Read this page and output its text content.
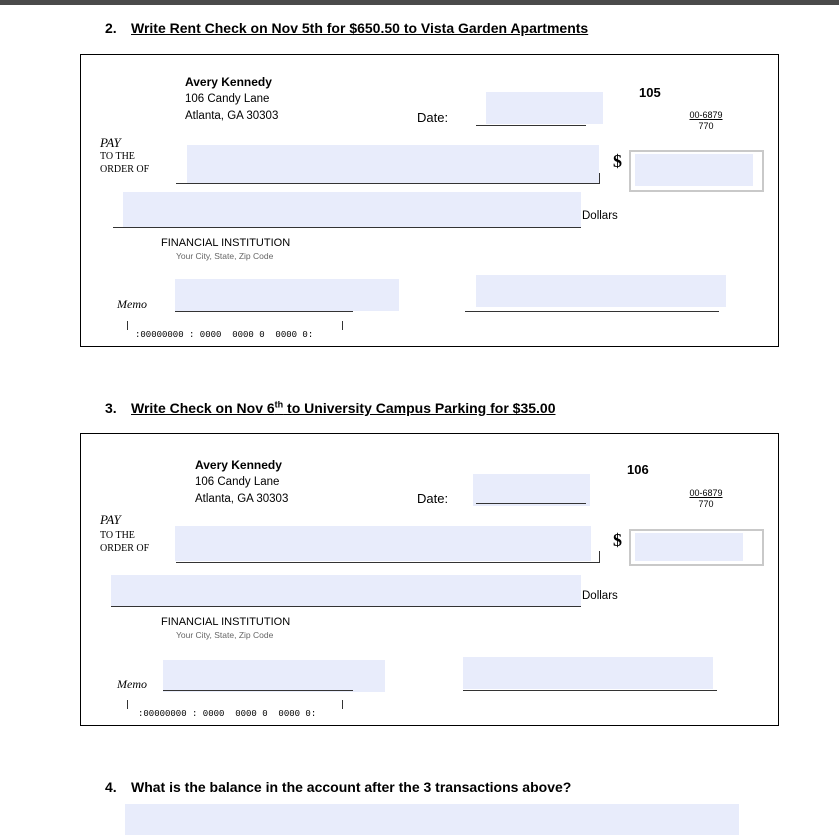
2. Write Rent Check on Nov 5th for $650.50 to Vista Garden Apartments
Avery Kennedy
106 Candy Lane
Atlanta, GA 30303	Date:
105
00-6879
770
PAY
TO THE
ORDER OF	$
Dollars
FINANCIAL INSTITUTION
Your City, State, Zip Code
Memo
:00000000 : 0000  0000 0  0000 0:
3. Write Check on Nov 6th to University Campus Parking for $35.00
Avery Kennedy
106 Candy Lane
Atlanta, GA 30303	Date:
106
00-6879
770
PAY
TO THE
ORDER OF	$
Dollars
FINANCIAL INSTITUTION
Your City, State, Zip Code
Memo
:00000000 : 0000  0000 0  0000 0:
4. What is the balance in the account after the 3 transactions above?
